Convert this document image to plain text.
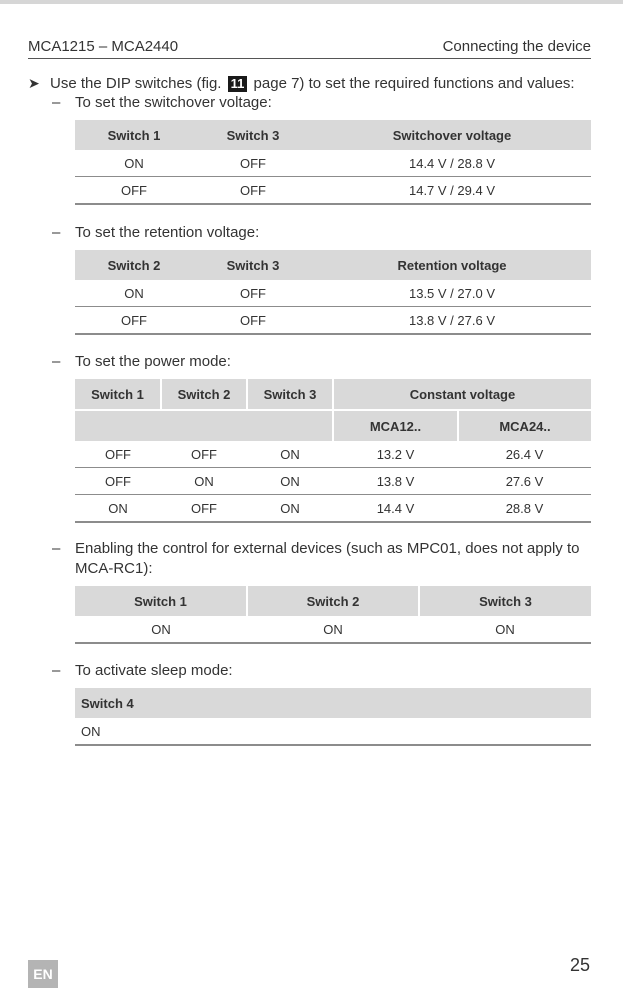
MCA1215 – MCA2440	Connecting the device
➤ Use the DIP switches (fig. 11 page 7) to set the required functions and values:
– To set the switchover voltage:
Switch 1	Switch 3	Switchover voltage
ON	OFF	14.4 V / 28.8 V
OFF	OFF	14.7 V / 29.4 V
– To set the retention voltage:
Switch 2	Switch 3	Retention voltage
ON	OFF	13.5 V / 27.0 V
OFF	OFF	13.8 V / 27.6 V
– To set the power mode:
Switch 1	Switch 2	Switch 3	Constant voltage	
			MCA12..	MCA24..
OFF	OFF	ON	13.2 V	26.4 V
OFF	ON	ON	13.8 V	27.6 V
ON	OFF	ON	14.4 V	28.8 V
– Enabling the control for external devices (such as MPC01, does not apply to MCA-RC1):
Switch 1	Switch 2	Switch 3
ON	ON	ON
– To activate sleep mode:
Switch 4
ON
EN	25
